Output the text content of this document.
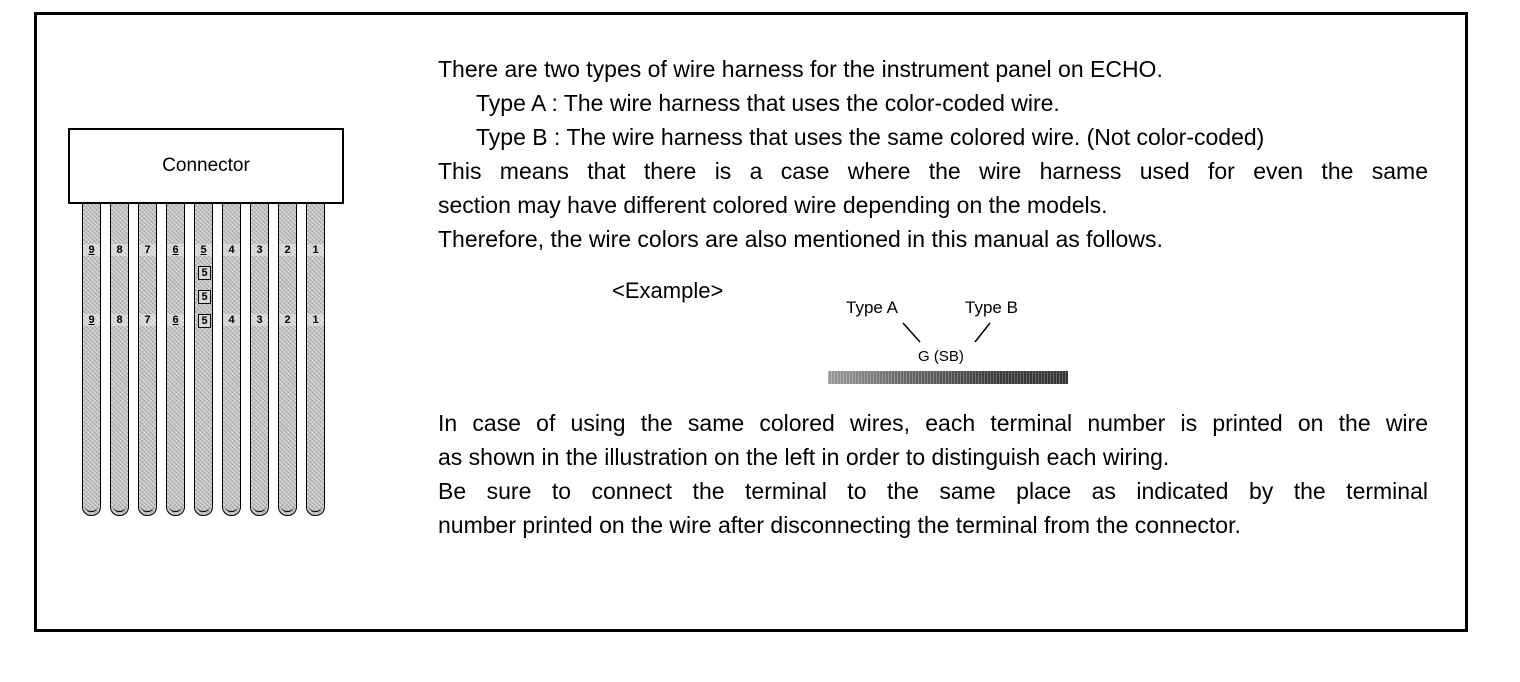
Connector
9
9
8
8
7
7
6
6
5
5
5
5
4
4
3
3
2
2
1
1
There are two types of wire harness for the instrument panel on ECHO.
Type A : The wire harness that uses the color-coded wire.
Type B : The wire harness that uses the same colored wire. (Not color-coded)
This means that there is a case where the wire harness used for even the same
section may have different colored wire depending on the models.
Therefore, the wire colors are also mentioned in this manual as follows.
<Example>
Type A	Type B
G (SB)
In case of using the same colored wires, each terminal number is printed on the wire
as shown in the illustration on the left in order to distinguish each wiring.
Be sure to connect the terminal to the same place as indicated by the terminal
number printed on the wire after disconnecting the terminal from the connector.
